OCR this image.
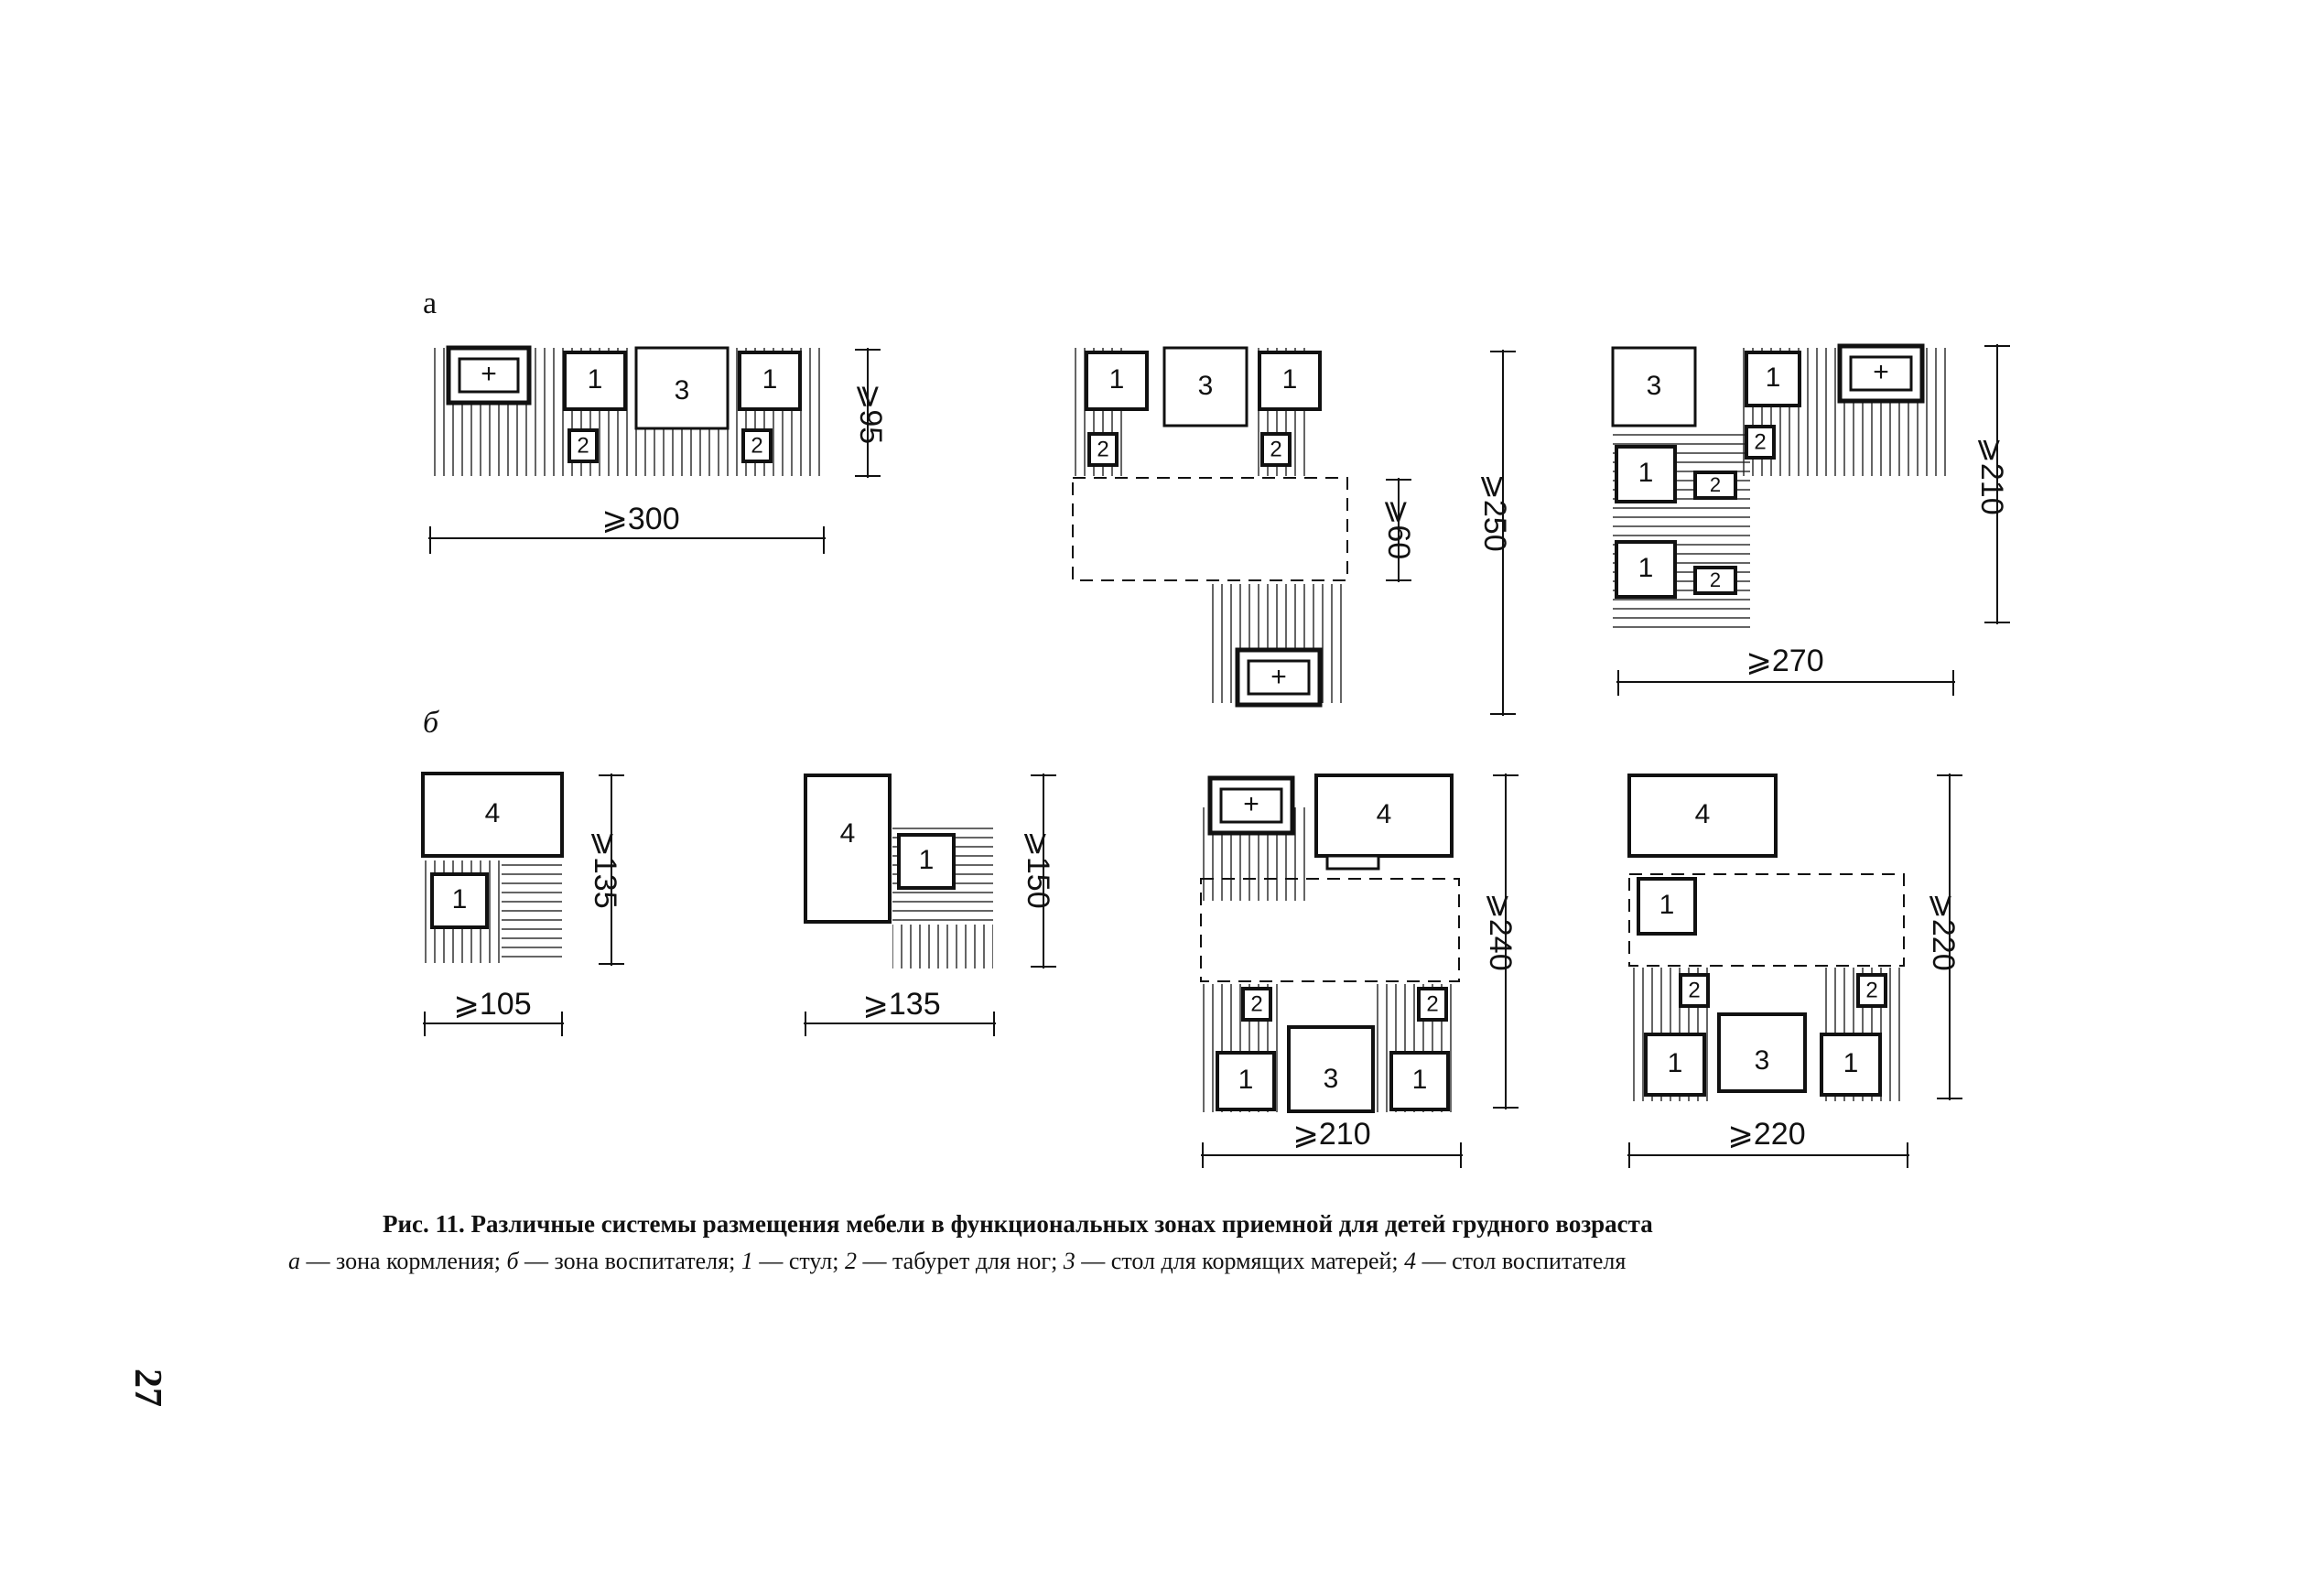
а
б
3
+	1	1
2	2
⩾300
⩾95
1	3	1
2	2
+
⩾60 ⩾250
3	1	+
2
1	2
1	2
⩾270
⩾210
4
1
⩾105
⩾135	4
1
⩾135
⩾150
+	4
2	2
1	3	1
⩾210
⩾240
4
1
2	2
1	3	1
⩾220
⩾220
Рис. 11. Различные системы размещения мебели в функциональных зонах приемной для детей грудного возраста
а — зона кормления; б — зона воспитателя; 1 — стул; 2 — табурет для ног; 3 — стол для кормящих матерей; 4 — стол воспитателя
27
